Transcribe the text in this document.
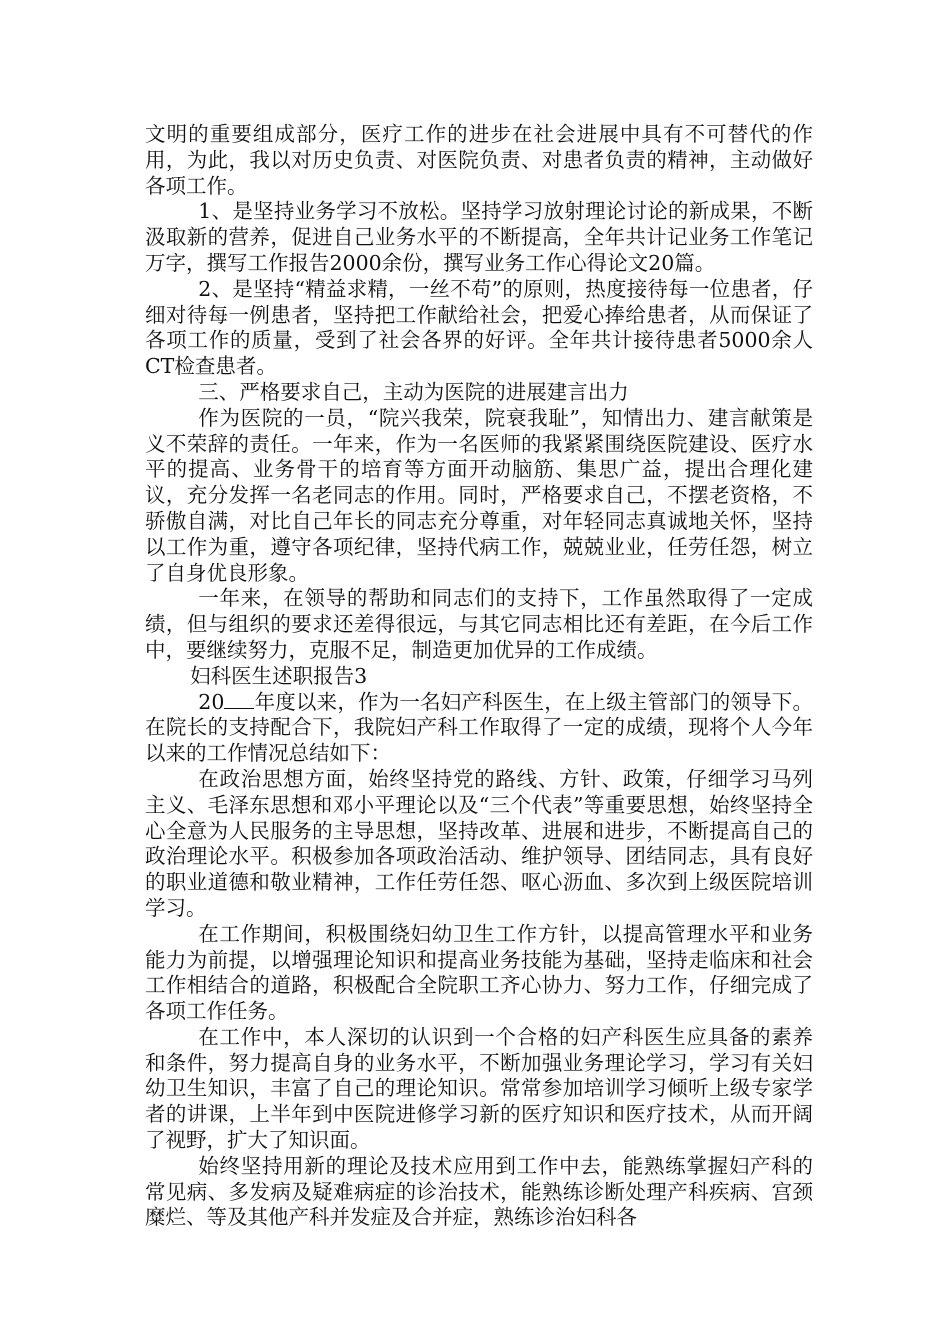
文明的重要组成部分，医疗工作的进步在社会进展中具有不可替代的作用，为此，我以对历史负责、对医院负责、对患者负责的精神，主动做好各项工作。

1、是坚持业务学习不放松。坚持学习放射理论讨论的新成果，不断汲取新的营养，促进自己业务水平的不断提高，全年共计记业务工作笔记万字，撰写工作报告2000余份，撰写业务工作心得论文20篇。

2、是坚持“精益求精，一丝不苟”的原则，热度接待每一位患者，仔细对待每一例患者，坚持把工作献给社会，把爱心捧给患者，从而保证了各项工作的质量，受到了社会各界的好评。全年共计接待患者5000余人CT检查患者。

三、严格要求自己，主动为医院的进展建言出力

作为医院的一员，“院兴我荣，院衰我耻”，知情出力、建言献策是义不荣辞的责任。一年来，作为一名医师的我紧紧围绕医院建设、医疗水平的提高、业务骨干的培育等方面开动脑筋、集思广益，提出合理化建议，充分发挥一名老同志的作用。同时，严格要求自己，不摆老资格，不骄傲自满，对比自己年长的同志充分尊重，对年轻同志真诚地关怀，坚持以工作为重，遵守各项纪律，坚持代病工作，兢兢业业，任劳任怨，树立了自身优良形象。

一年来，在领导的帮助和同志们的支持下，工作虽然取得了一定成绩，但与组织的要求还差得很远，与其它同志相比还有差距，在今后工作中，要继续努力，克服不足，制造更加优异的工作成绩。

妇科医生述职报告3

20 年度以来，作为一名妇产科医生，在上级主管部门的领导下。在院长的支持配合下，我院妇产科工作取得了一定的成绩，现将个人今年以来的工作情况总结如下：

在政治思想方面，始终坚持党的路线、方针、政策，仔细学习马列主义、毛泽东思想和邓小平理论以及“三个代表”等重要思想，始终坚持全心全意为人民服务的主导思想，坚持改革、进展和进步，不断提高自己的政治理论水平。积极参加各项政治活动、维护领导、团结同志，具有良好的职业道德和敬业精神，工作任劳任怨、呕心沥血、多次到上级医院培训学习。

在工作期间，积极围绕妇幼卫生工作方针，以提高管理水平和业务能力为前提，以增强理论知识和提高业务技能为基础，坚持走临床和社会工作相结合的道路，积极配合全院职工齐心协力、努力工作，仔细完成了各项工作任务。

在工作中，本人深切的认识到一个合格的妇产科医生应具备的素养和条件，努力提高自身的业务水平，不断加强业务理论学习，学习有关妇幼卫生知识，丰富了自己的理论知识。常常参加培训学习倾听上级专家学者的讲课，上半年到中医院进修学习新的医疗知识和医疗技术，从而开阔了视野，扩大了知识面。

始终坚持用新的理论及技术应用到工作中去，能熟练掌握妇产科的常见病、多发病及疑难病症的诊治技术，能熟练诊断处理产科疾病、宫颈糜烂、等及其他产科并发症及合并症，熟练诊治妇科各
